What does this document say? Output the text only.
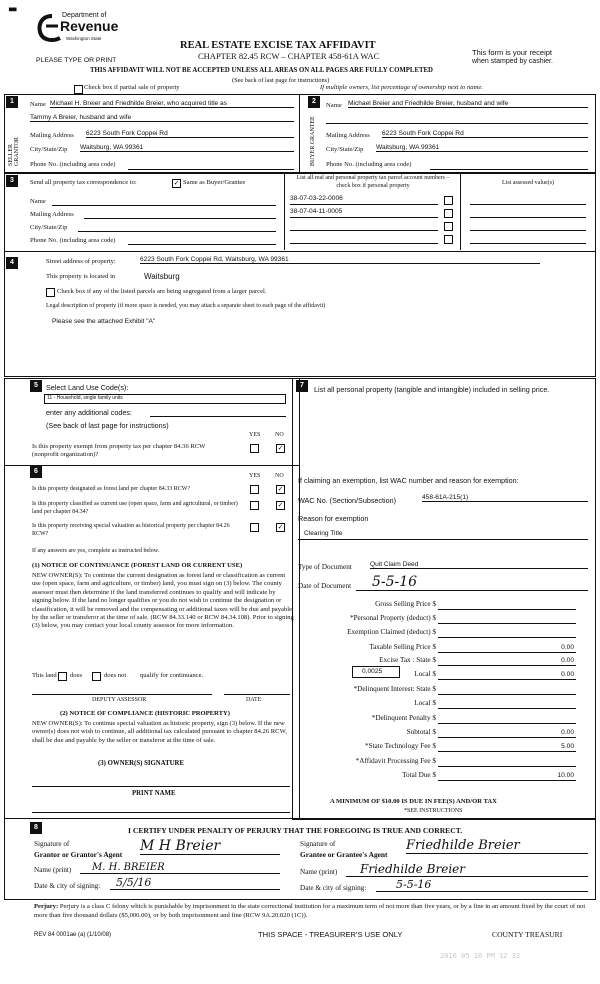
▬
Department of
Revenue
Washington State
PLEASE TYPE OR PRINT
REAL ESTATE EXCISE TAX AFFIDAVIT
CHAPTER 82.45 RCW – CHAPTER 458-61A WAC	This form is your receipt
when stamped by cashier.
THIS AFFIDAVIT WILL NOT BE ACCEPTED UNLESS ALL AREAS ON ALL PAGES ARE FULLY COMPLETED
(See back of last page for instructions)
Check box if partial sale of property	If multiple owners, list percentage of ownership next to name.
1	2
SELLER GRANTOR	BUYER GRANTEE
Name Michael H. Breier and Friedhilde Breier, who acquired title as
Tammy A Breier, husband and wife
Mailing Address 6223 South Fork Coppei Rd
City/State/Zip Waitsburg, WA 99361
Phone No. (including area code)
Name Michael Breier and Friedhilde Breier, husband and wife
Mailing Address 6223 South Fork Coppei Rd
City/State/Zip Waitsburg, WA 99361
Phone No. (including area code)
3	Send all property tax correspondence to:	✓ Same as Buyer/Grantee
Name
Mailing Address
City/State/Zip
Phone No. (including area code)
List all real and personal property tax parcel account numbers – check box if personal property	List assessed value(s)
38-07-03-22-0006
38-07-04-11-0005
4	Street address of property:	6223 South Fork Coppei Rd, Waitsburg, WA 99361
This property is located in	Waitsburg
Check box if any of the listed parcels are being segregated from a larger parcel.
Legal description of property (if more space is needed, you may attach a separate sheet to each page of the affidavit)
Please see the attached Exhibit "A"
5	Select Land Use Code(s):
11 - Household, single family units
enter any additional codes:
(See back of last page for instructions)
YES NO
Is this property exempt from property tax per chapter 84.36 RCW (nonprofit organization)?
✓
6
YES NO
Is this property designated as forest land per chapter 84.33 RCW?	✓
Is this property classified as current use (open space, farm and agricultural, or timber) land per chapter 84.34?
✓
Is this property receiving special valuation as historical property per chapter 84.26 RCW?
✓
If any answers are yes, complete as instructed below.
(1) NOTICE OF CONTINUANCE (FOREST LAND OR CURRENT USE)
NEW OWNER(S): To continue the current designation as forest land or classification as current use (open space, farm and agriculture, or timber) land, you must sign on (3) below. The county assessor must then determine if the land transferred continues to qualify and will indicate by signing below. If the land no longer qualifies or you do not wish to continue the designation or classification, it will be removed and the compensating or additional taxes will be due and payable by the seller or transferor at the time of sale. (RCW 84.33.140 or RCW 84.34.108). Prior to signing (3) below, you may contact your local county assessor for more information.
This land does	does not qualify for continuance.
DEPUTY ASSESSOR	DATE
(2) NOTICE OF COMPLIANCE (HISTORIC PROPERTY)
NEW OWNER(S): To continue special valuation as historic property, sign (3) below. If the new owner(s) does not wish to continue, all additional tax calculated pursuant to chapter 84.26 RCW, shall be due and payable by the seller or transferor at the time of sale.
(3) OWNER(S) SIGNATURE
PRINT NAME
7	List all personal property (tangible and intangible) included in selling price.
If claiming an exemption, list WAC number and reason for exemption:
WAC No. (Section/Subsection)	458-61A-215(1)
Reason for exemption
Clearing Title
Type of Document	Quit Claim Deed
Date of Document	5-5-16
Gross Selling Price $
*Personal Property (deduct) $
Exemption Claimed (deduct) $
Taxable Selling Price $	0.00
Excise Tax : State $	0.00
Local $	0.00
*Delinquent Interest: State $
Local $
*Delinquent Penalty $
Subtotal $	0.00
*State Technology Fee $	5.00
*Affidavit Processing Fee $
Total Due $	10.00
0.0025
A MINIMUM OF $10.00 IS DUE IN FEE(S) AND/OR TAX
*SEE INSTRUCTIONS
8	I CERTIFY UNDER PENALTY OF PERJURY THAT THE FOREGOING IS TRUE AND CORRECT.
Signature of
Grantor or Grantor's Agent
M H Breier
Name (print)	M. H. BREIER
Date & city of signing:	5/5/16
Signature of
Grantee or Grantee's Agent
Friedhilde Breier
Name (print)	Friedhilde Breier
Date & city of signing:	5-5-16
Perjury: Perjury is a class C felony which is punishable by imprisonment in the state correctional institution for a maximum term of not more than five years, or by a fine in an amount fixed by the court of not more than five thousand dollars ($5,000.00), or by both imprisonment and fine (RCW 9A.20.020 (1C)).
REV 84 0001ae (a) (1/10/08)	THIS SPACE - TREASURER'S USE ONLY	COUNTY TREASURI
2016 05 10 PM 12 33
